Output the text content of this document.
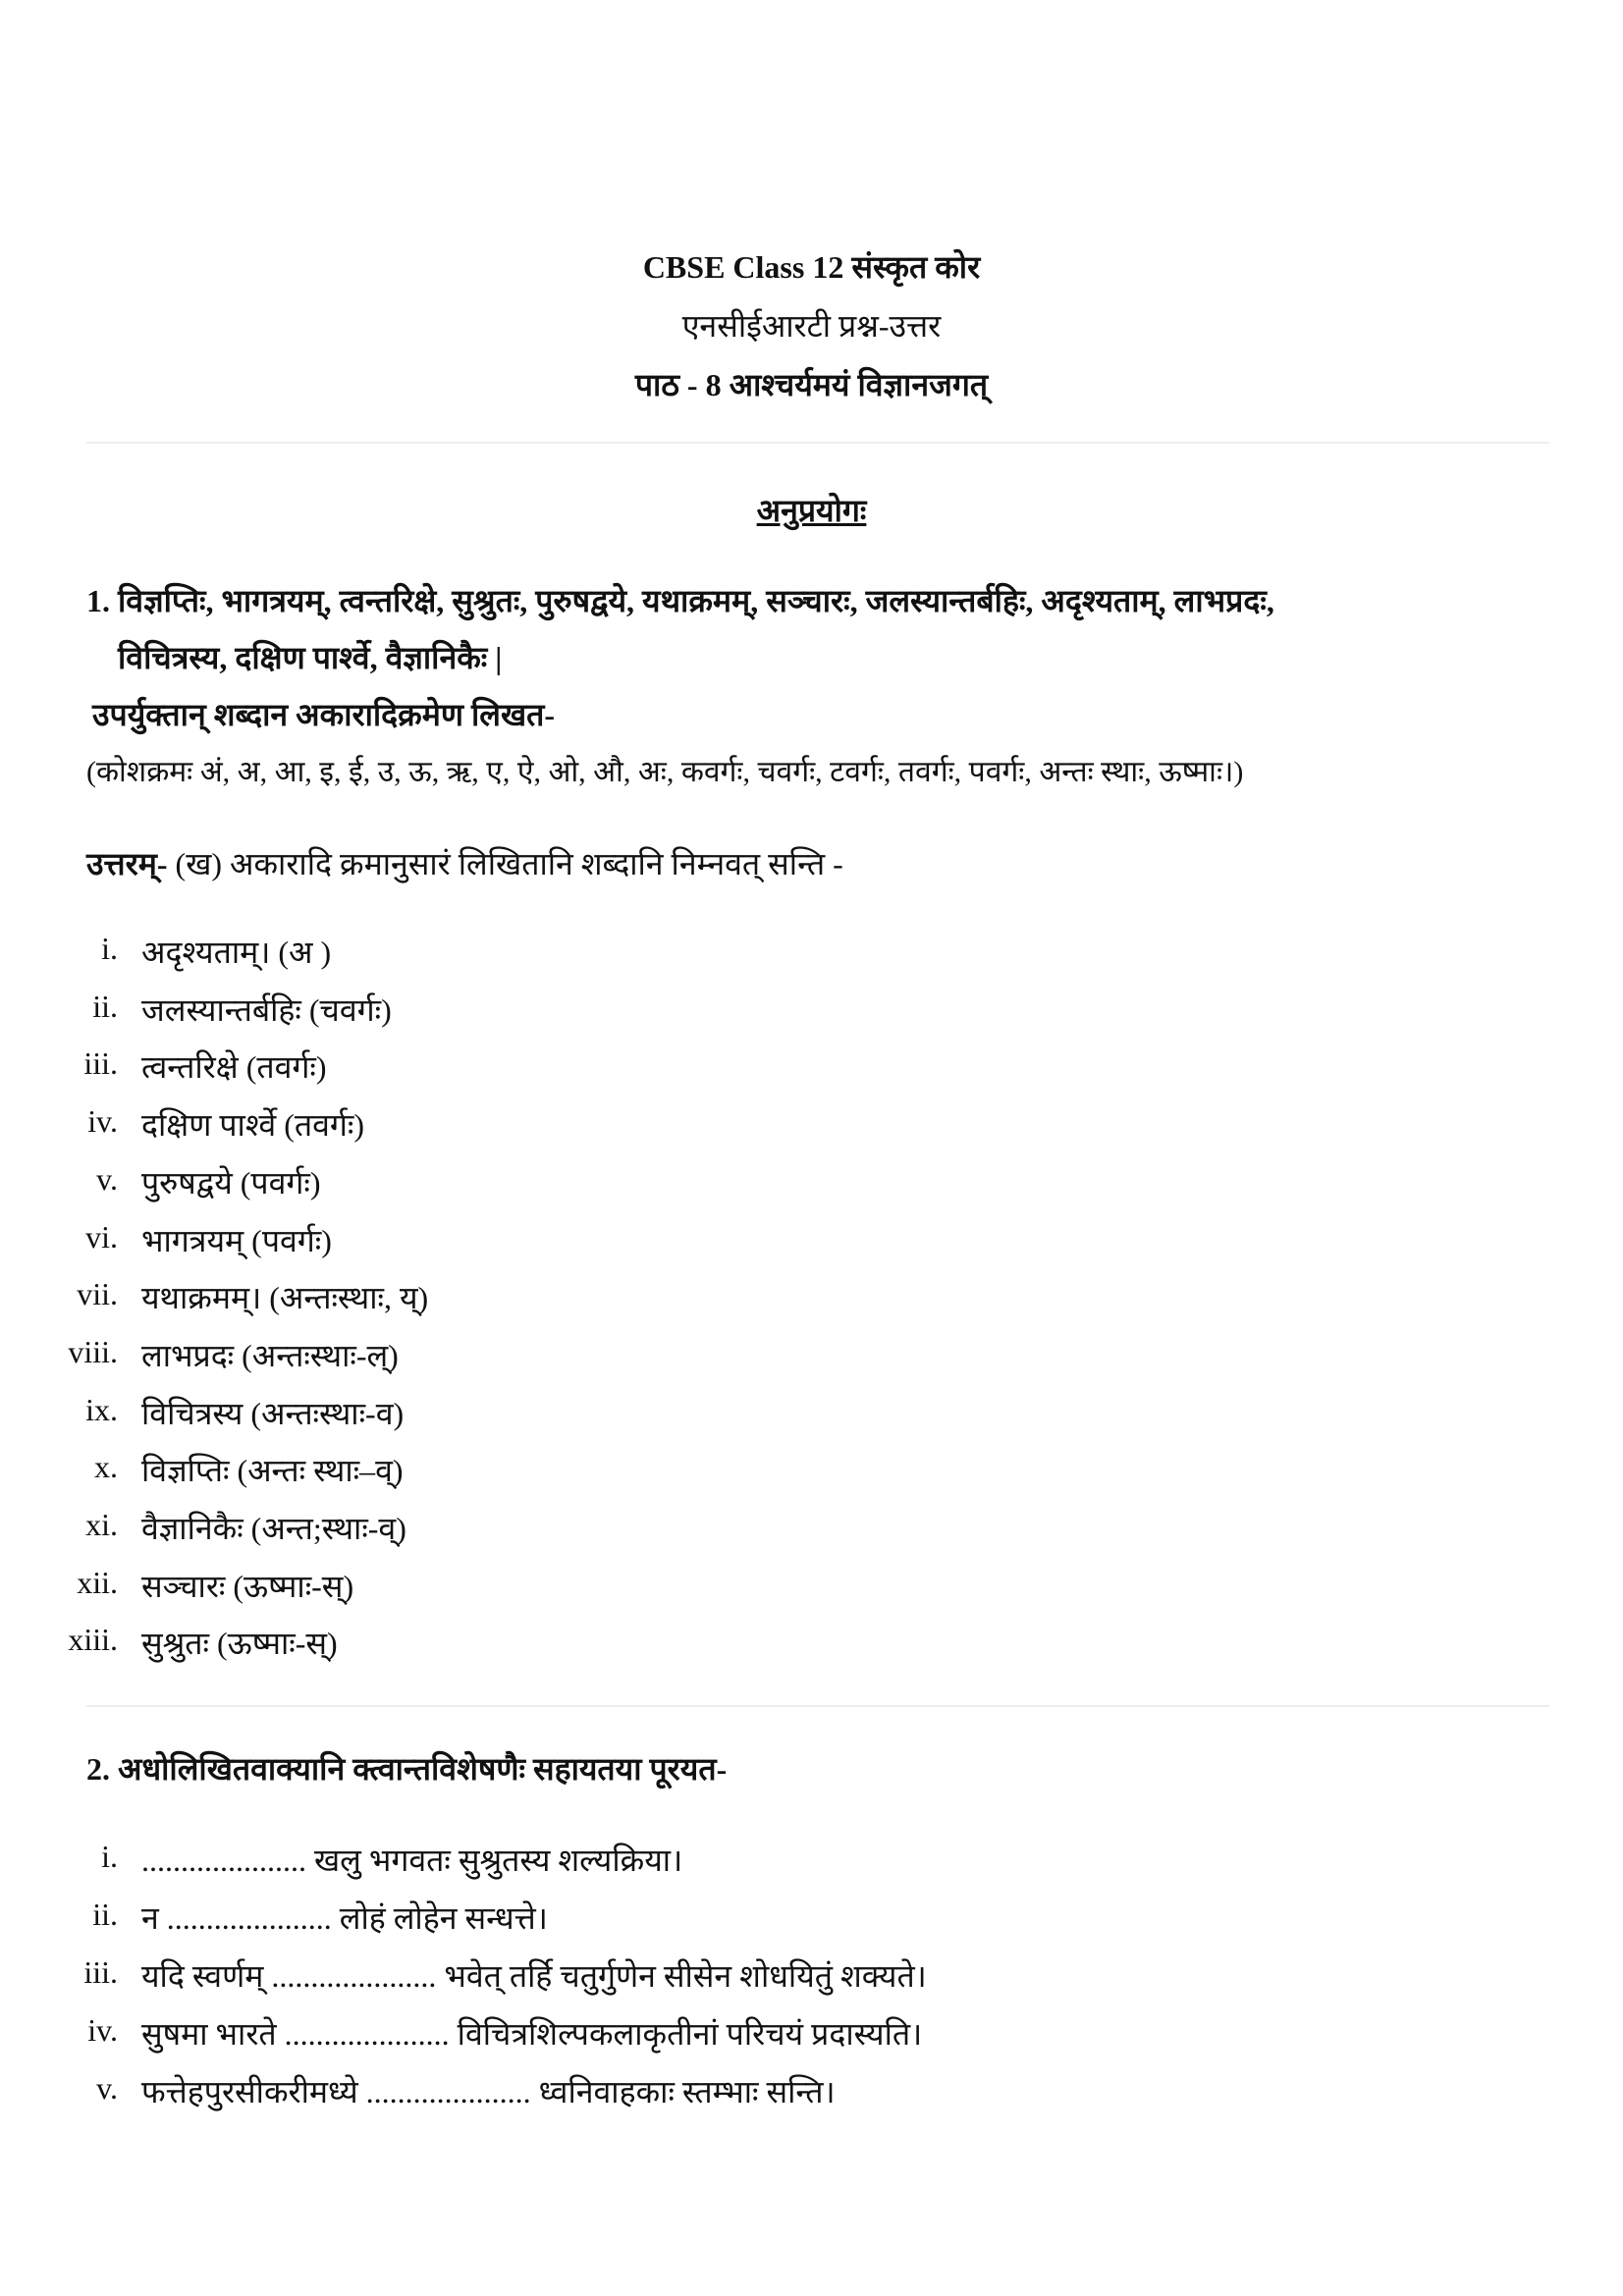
CBSE Class 12 संस्कृत कोर
एनसीईआरटी प्रश्न-उत्तर
पाठ - 8 आश्चर्यमयं विज्ञानजगत्
अनुप्रयोगः
1. विज्ञप्तिः, भागत्रयम्, त्वन्तरिक्षे, सुश्रुतः, पुरुषद्वये, यथाक्रमम्, सञ्चारः, जलस्यान्तर्बहिः, अदृश्यताम्, लाभप्रदः,
विचित्रस्य, दक्षिण पार्श्वे, वैज्ञानिकैः |
उपर्युक्तान् शब्दान अकारादिक्रमेण लिखत-
(कोशक्रमः अं, अ, आ, इ, ई, उ, ऊ, ऋ, ए, ऐ, ओ, औ, अः, कवर्गः, चवर्गः, टवर्गः, तवर्गः, पवर्गः, अन्तः स्थाः, ऊष्माः।)
उत्तरम्- (ख) अकारादि क्रमानुसारं लिखितानि शब्दानि निम्नवत् सन्ति -
i. अदृश्यताम्। (अ )
ii. जलस्यान्तर्बहिः (चवर्गः)
iii. त्वन्तरिक्षे (तवर्गः)
iv. दक्षिण पार्श्वे (तवर्गः)
v. पुरुषद्वये (पवर्गः)
vi. भागत्रयम् (पवर्गः)
vii. यथाक्रमम्। (अन्तःस्थाः, य्)
viii. लाभप्रदः (अन्तःस्थाः-ल्)
ix. विचित्रस्य (अन्तःस्थाः-व)
x. विज्ञप्तिः (अन्तः स्थाः–व्)
xi. वैज्ञानिकैः (अन्त;स्थाः-व्)
xii. सञ्चारः (ऊष्माः-स्)
xiii. सुश्रुतः (ऊष्माः-स्)
2. अधोलिखितवाक्यानि क्त्वान्तविशेषणैः सहायतया पूरयत-
i. ..................... खलु भगवतः सुश्रुतस्य शल्यक्रिया।
ii. न ..................... लोहं लोहेन सन्धत्ते।
iii. यदि स्वर्णम् ..................... भवेत् तर्हि चतुर्गुणेन सीसेन शोधयितुं शक्यते।
iv. सुषमा भारते ..................... विचित्रशिल्पकलाकृतीनां परिचयं प्रदास्यति।
v. फत्तेहपुरसीकरीमध्ये ..................... ध्वनिवाहकाः स्तम्भाः सन्ति।
